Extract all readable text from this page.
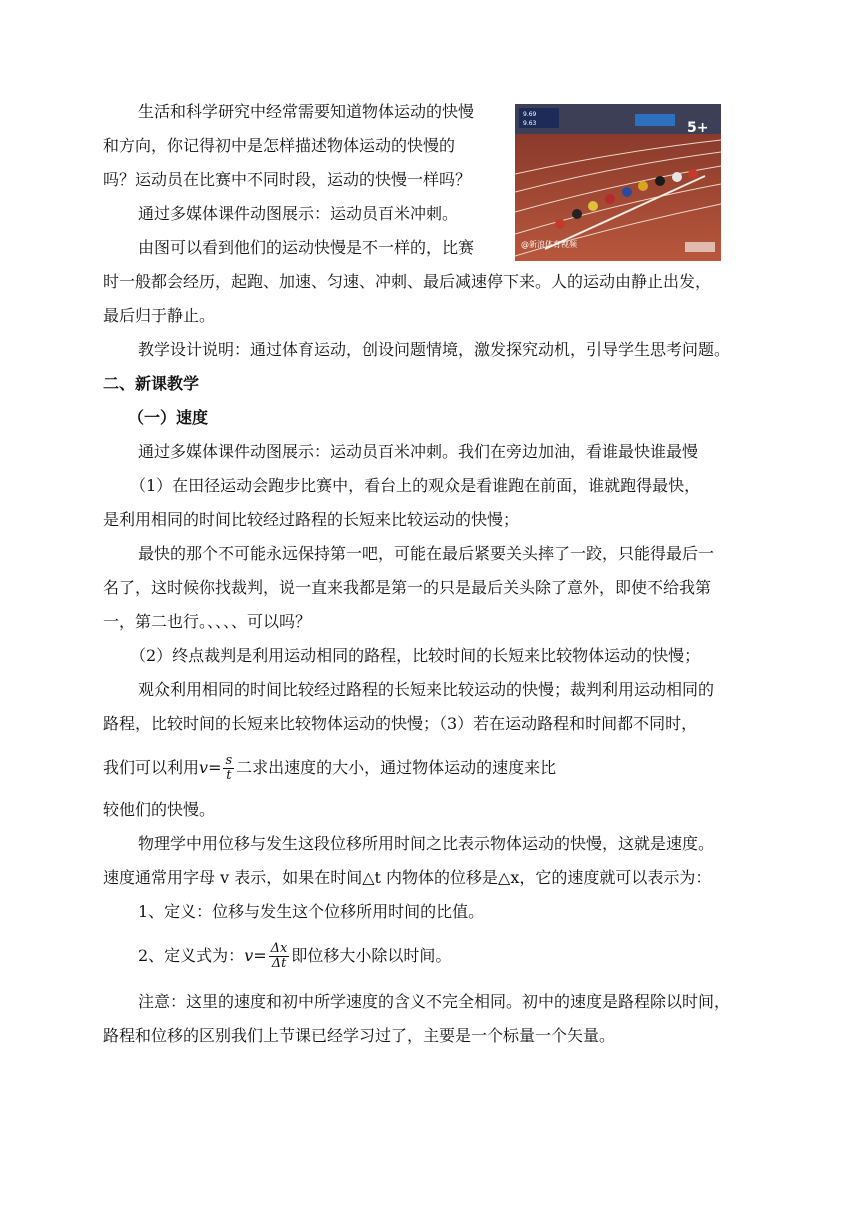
9.69
9.63	5+
@新浪体育视频
生活和科学研究中经常需要知道物体运动的快慢
和方向，你记得初中是怎样描述物体运动的快慢的
吗？运动员在比赛中不同时段，运动的快慢一样吗？
通过多媒体课件动图展示：运动员百米冲刺。
由图可以看到他们的运动快慢是不一样的，比赛
时一般都会经历，起跑、加速、匀速、冲刺、最后减速停下来。人的运动由静止出发，
最后归于静止。
教学设计说明：通过体育运动，创设问题情境，激发探究动机，引导学生思考问题。
二、新课教学
（一）速度
通过多媒体课件动图展示：运动员百米冲刺。我们在旁边加油，看谁最快谁最慢
（1）在田径运动会跑步比赛中，看台上的观众是看谁跑在前面，谁就跑得最快，
是利用相同的时间比较经过路程的长短来比较运动的快慢；
最快的那个不可能永远保持第一吧，可能在最后紧要关头摔了一跤，只能得最后一
名了，这时候你找裁判，说一直来我都是第一的只是最后关头除了意外，即使不给我第
一，第二也行。、、、、可以吗？
（2）终点裁判是利用运动相同的路程，比较时间的长短来比较物体运动的快慢；
观众利用相同的时间比较经过路程的长短来比较运动的快慢；裁判利用运动相同的
路程，比较时间的长短来比较物体运动的快慢；（3）若在运动路程和时间都不同时，
我们可以利用$v= \frac{s}{t}$ 二求出速度的大小，通过物体运动的速度来比
较他们的快慢。
物理学中用位移与发生这段位移所用时间之比表示物体运动的快慢，这就是速度。
速度通常用字母 v 表示，如果在时间△t 内物体的位移是△x，它的速度就可以表示为：
1、定义：位移与发生这个位移所用时间的比值。
2、定义式为：$v= \frac{\Delta x}{\Delta t}$ 即位移大小除以时间。
注意：这里的速度和初中所学速度的含义不完全相同。初中的速度是路程除以时间，
路程和位移的区别我们上节课已经学习过了，主要是一个标量一个矢量。
